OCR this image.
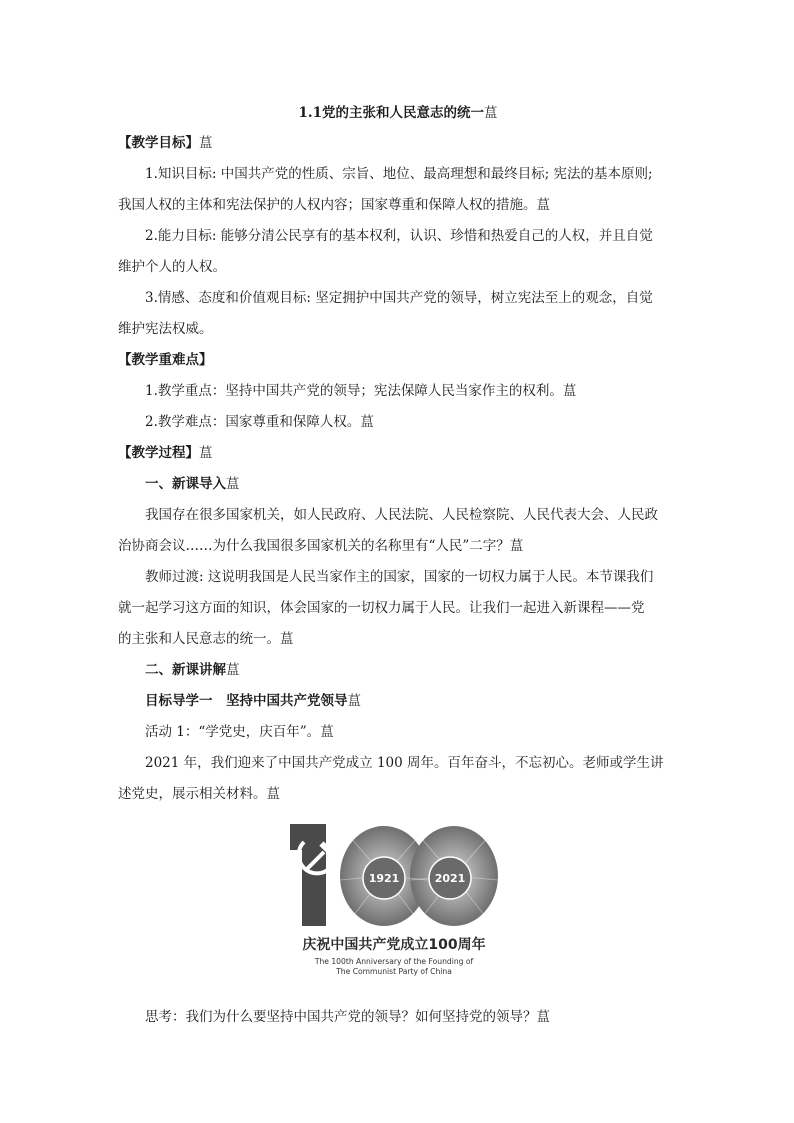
1.1党的主张和人民意志的统一蒀

【教学目标】蒀

1.知识目标: 中国共产党的性质、宗旨、地位、最高理想和最终目标; 宪法的基本原则;

我国人权的主体和宪法保护的人权内容；国家尊重和保障人权的措施。蒀

2.能力目标: 能够分清公民享有的基本权利，认识、珍惜和热爱自己的人权，并且自觉

维护个人的人权。

3.情感、态度和价值观目标: 坚定拥护中国共产党的领导，树立宪法至上的观念，自觉

维护宪法权威。

【教学重难点】

1.教学重点：坚持中国共产党的领导；宪法保障人民当家作主的权利。蒀

2.教学难点：国家尊重和保障人权。蒀

【教学过程】蒀

一、新课导入蒀

我国存在很多国家机关，如人民政府、人民法院、人民检察院、人民代表大会、人民政

治协商会议……为什么我国很多国家机关的名称里有“人民”二字？蒀

教师过渡: 这说明我国是人民当家作主的国家，国家的一切权力属于人民。本节课我们

就一起学习这方面的知识，体会国家的一切权力属于人民。让我们一起进入新课程——党

的主张和人民意志的统一。蒀

二、新课讲解蒀

目标导学一　坚持中国共产党领导蒀

活动 1：“学党史，庆百年”。蒀

2021 年，我们迎来了中国共产党成立 100 周年。百年奋斗，不忘初心。老师或学生讲

述党史，展示相关材料。蒀

1921	2021
庆祝中国共产党成立100周年
The 100th Anniversary of the Founding of
The Communist Party of China

思考：我们为什么要坚持中国共产党的领导？如何坚持党的领导？蒀
